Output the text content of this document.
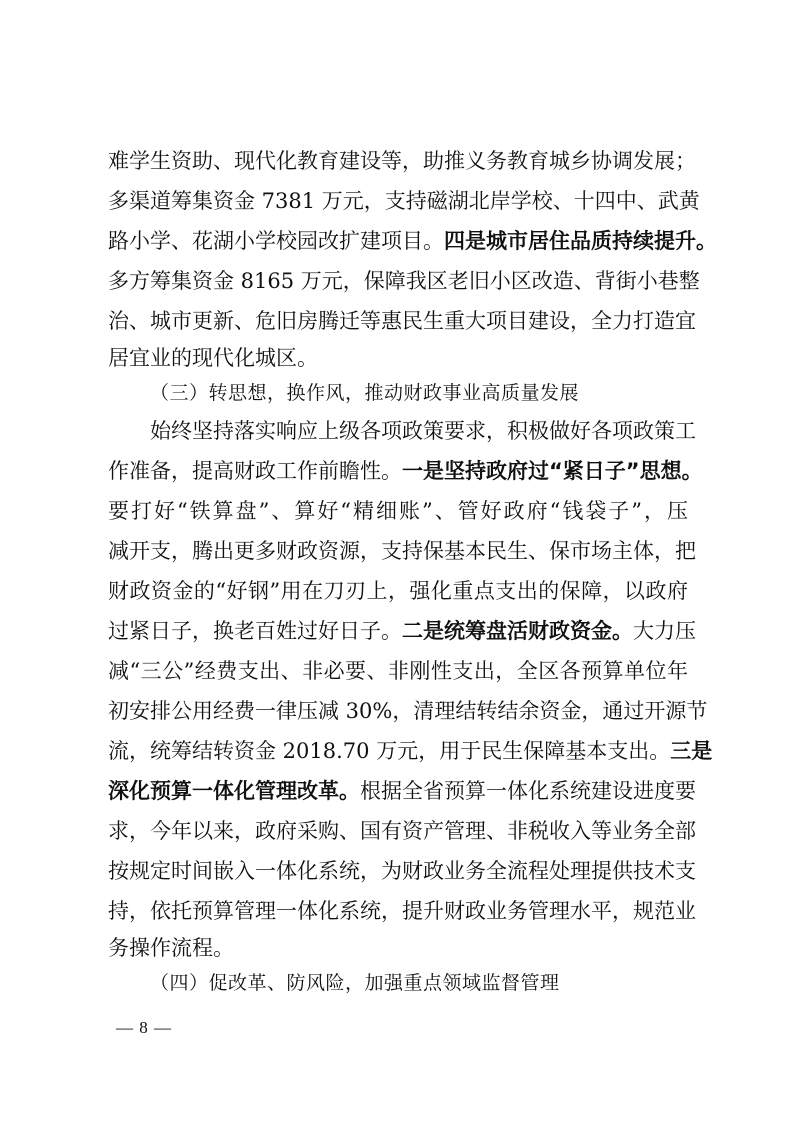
难学生资助、现代化教育建设等，助推义务教育城乡协调发展；
多渠道筹集资金 7381 万元，支持磁湖北岸学校、十四中、武黄
路小学、花湖小学校园改扩建项目。四是城市居住品质持续提升。
多方筹集资金 8165 万元，保障我区老旧小区改造、背街小巷整
治、城市更新、危旧房腾迁等惠民生重大项目建设，全力打造宜
居宜业的现代化城区。
（三）转思想，换作风，推动财政事业高质量发展
始终坚持落实响应上级各项政策要求，积极做好各项政策工
作准备，提高财政工作前瞻性。一是坚持政府过“紧日子”思想。
要打好“铁算盘”、算好“精细账”、管好政府“钱袋子”，压
减开支，腾出更多财政资源，支持保基本民生、保市场主体，把
财政资金的“好钢”用在刀刃上，强化重点支出的保障，以政府
过紧日子，换老百姓过好日子。二是统筹盘活财政资金。大力压
减“三公”经费支出、非必要、非刚性支出，全区各预算单位年
初安排公用经费一律压减 30%，清理结转结余资金，通过开源节
流，统筹结转资金 2018.70 万元，用于民生保障基本支出。三是
深化预算一体化管理改革。根据全省预算一体化系统建设进度要
求，今年以来，政府采购、国有资产管理、非税收入等业务全部
按规定时间嵌入一体化系统，为财政业务全流程处理提供技术支
持，依托预算管理一体化系统，提升财政业务管理水平，规范业
务操作流程。
（四）促改革、防风险，加强重点领域监督管理
— 8 —
